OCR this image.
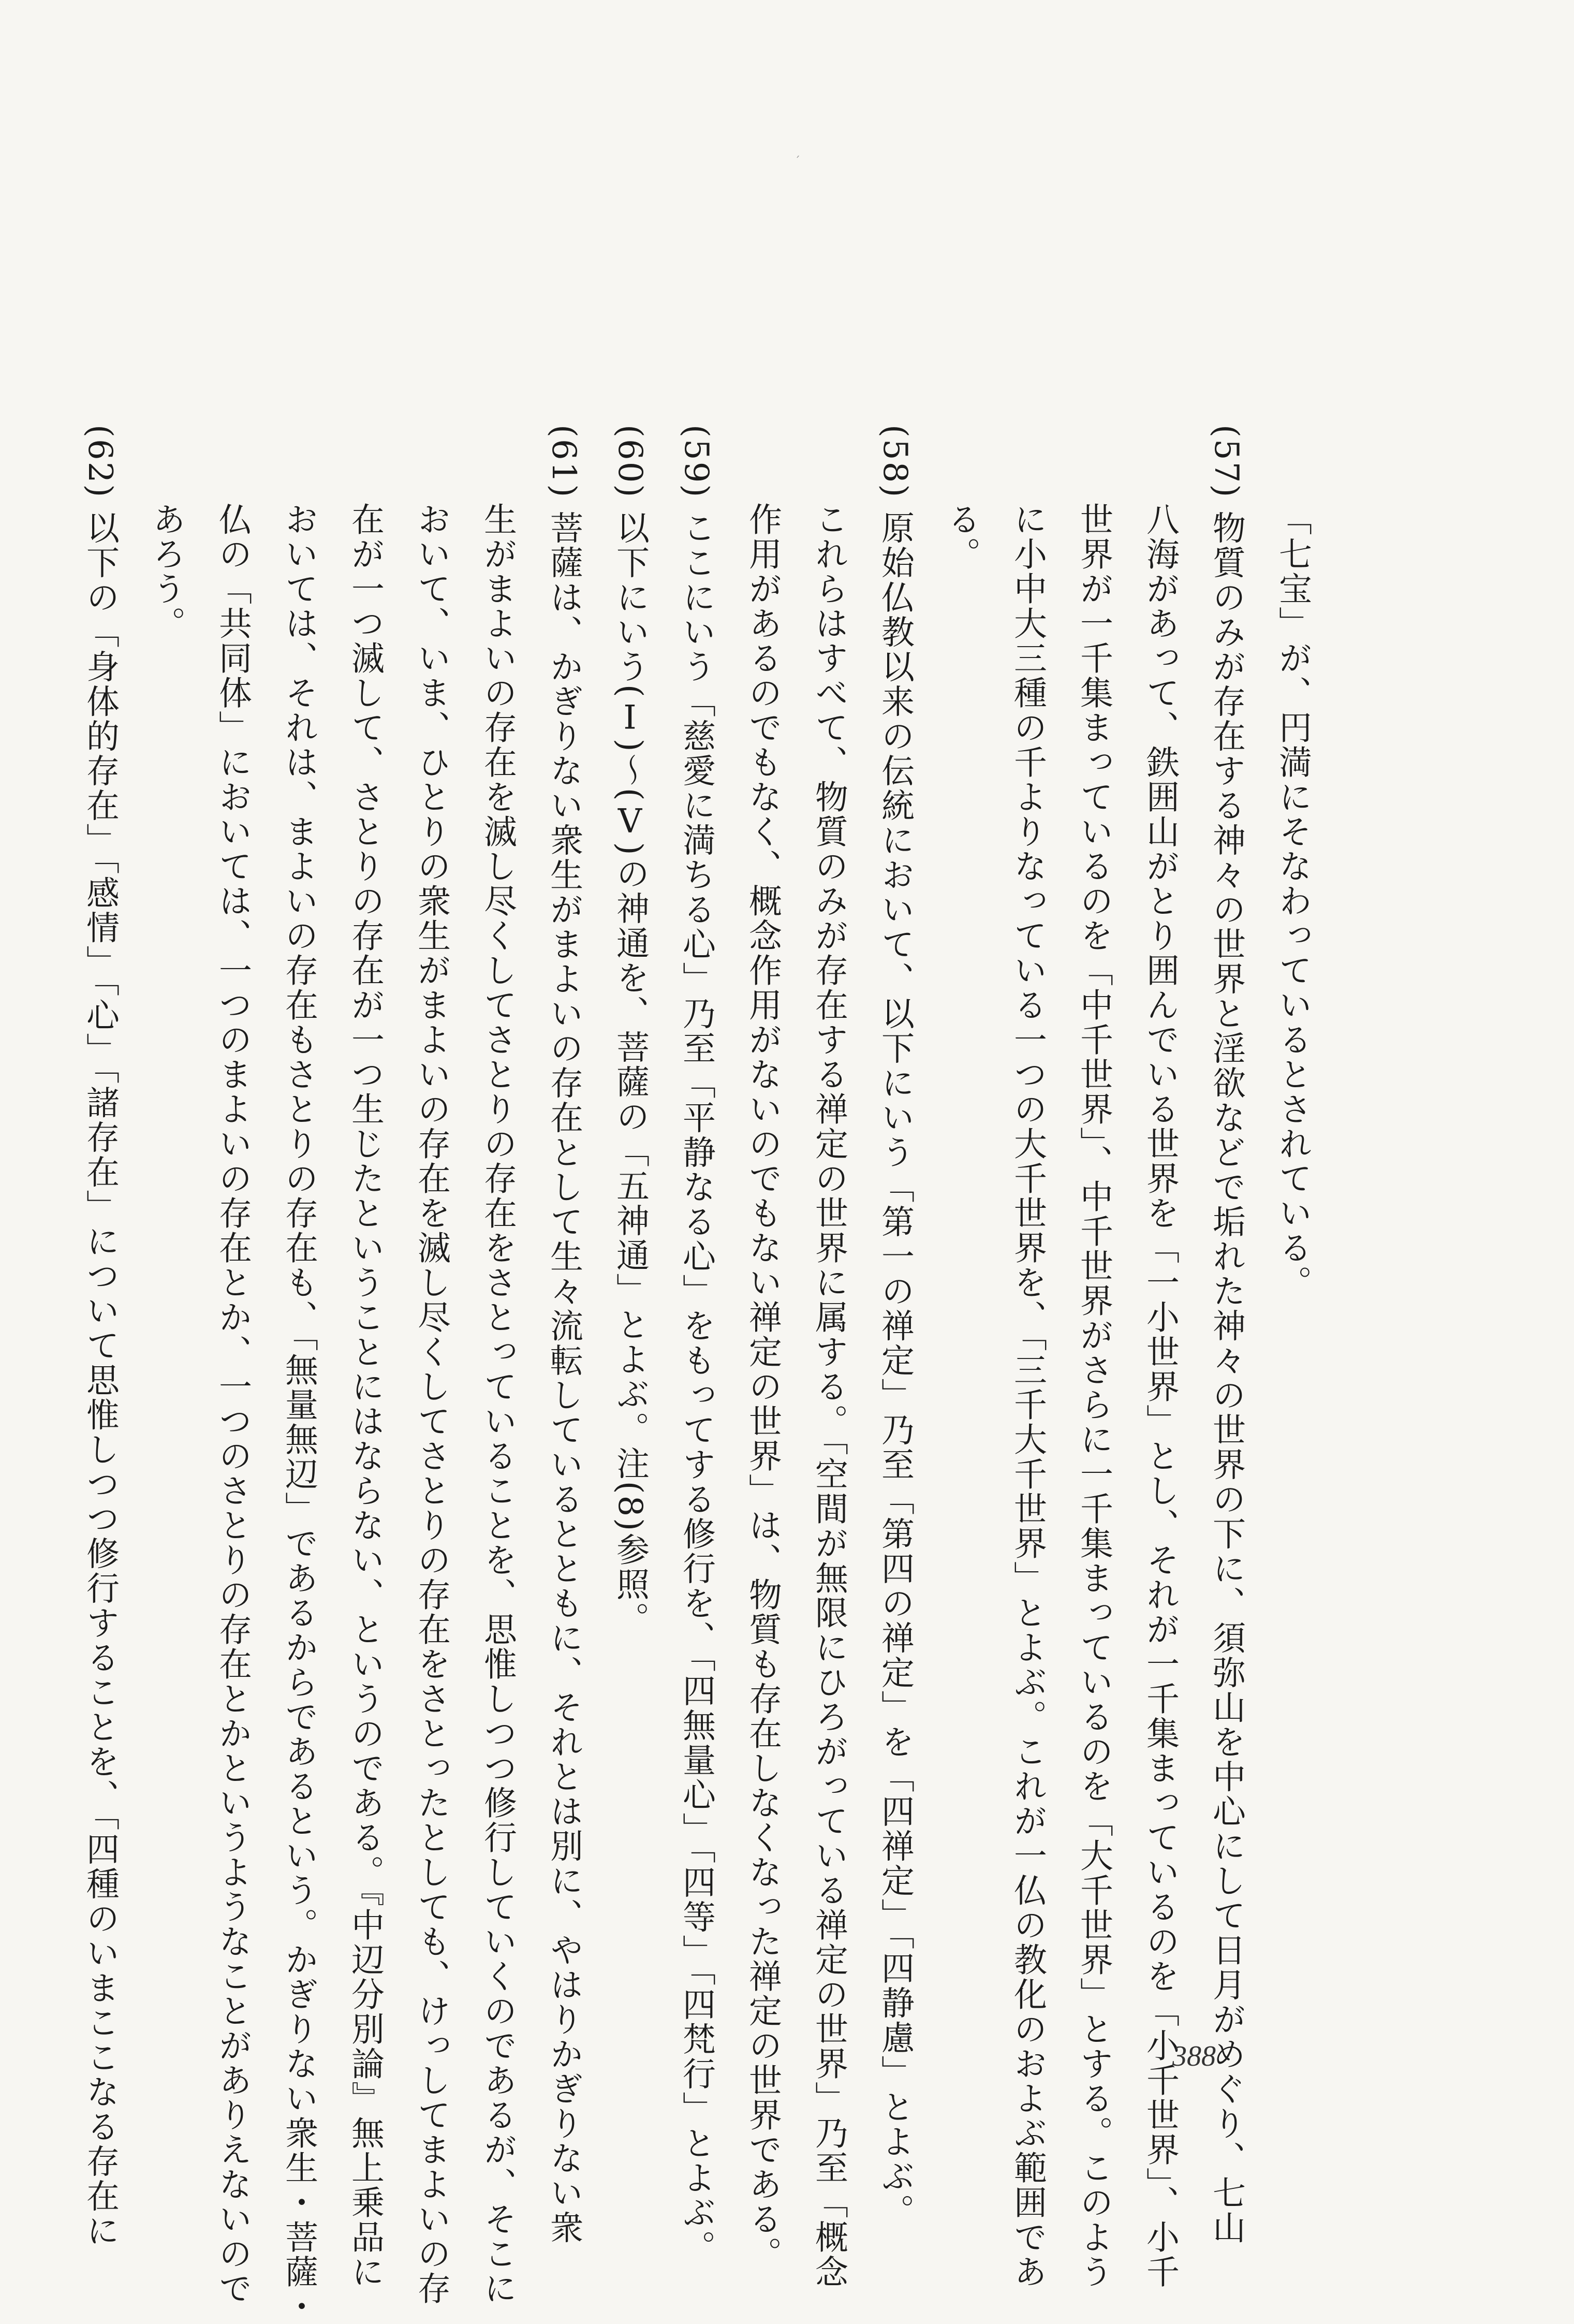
ˊ
「七宝」が、円満にそなわっているとされている。
(57) 物質のみが存在する神々の世界と淫欲などで垢れた神々の世界の下に、須弥山を中心にして日月がめぐり、七山
八海があって、鉄囲山がとり囲んでいる世界を「一小世界」とし、それが一千集まっているのを「小千世界」、小千
世界が一千集まっているのを「中千世界」、中千世界がさらに一千集まっているのを「大千世界」とする。このよう
に小中大三種の千よりなっている一つの大千世界を、「三千大千世界」とよぶ。これが一仏の教化のおよぶ範囲であ
る。
(58) 原始仏教以来の伝統において、以下にいう「第一の禅定」乃至「第四の禅定」を「四禅定」「四静慮」とよぶ。
これらはすべて、物質のみが存在する禅定の世界に属する。「空間が無限にひろがっている禅定の世界」乃至「概念
作用があるのでもなく、概念作用がないのでもない禅定の世界」は、物質も存在しなくなった禅定の世界である。
(59) ここにいう「慈愛に満ちる心」乃至「平静なる心」をもってする修行を、「四無量心」「四等」「四梵行」とよぶ。
(60) 以下にいう(Ⅰ)〜(Ⅴ)の神通を、菩薩の「五神通」とよぶ。注(8)参照。
(61) 菩薩は、かぎりない衆生がまよいの存在として生々流転しているとともに、それとは別に、やはりかぎりない衆
生がまよいの存在を滅し尽くしてさとりの存在をさとっていることを、思惟しつつ修行していくのであるが、そこに
おいて、いま、ひとりの衆生がまよいの存在を滅し尽くしてさとりの存在をさとったとしても、けっしてまよいの存
在が一つ滅して、さとりの存在が一つ生じたということにはならない、というのである。『中辺分別論』無上乗品に
おいては、それは、まよいの存在もさとりの存在も、「無量無辺」であるからであるという。かぎりない衆生・菩薩・
仏の「共同体」においては、一つのまよいの存在とか、一つのさとりの存在とかというようなことがありえないので
あろう。
(62) 以下の「身体的存在」「感情」「心」「諸存在」について思惟しつつ修行することを、「四種のいまここなる存在に	388
